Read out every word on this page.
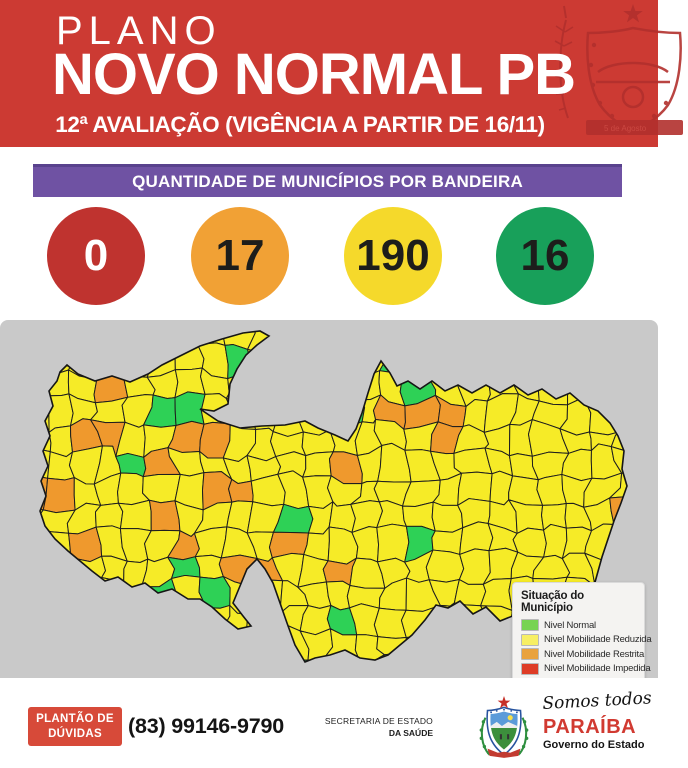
5 de Agosto
PLANO
NOVO NORMAL PB
12ª AVALIAÇÃO (VIGÊNCIA A PARTIR DE 16/11)
QUANTIDADE DE MUNICÍPIOS POR BANDEIRA
0 17 190 16
Situação do Município
Nivel Normal
Nivel Mobilidade Reduzida
Nivel Mobilidade Restrita
Nivel Mobilidade Impedida
PLANTÃO DE
DÚVIDAS	(83) 99146-9790	SECRETARIA DE ESTADO
DA SAÚDE
Somos todos
PARAÍBA
Governo do Estado
